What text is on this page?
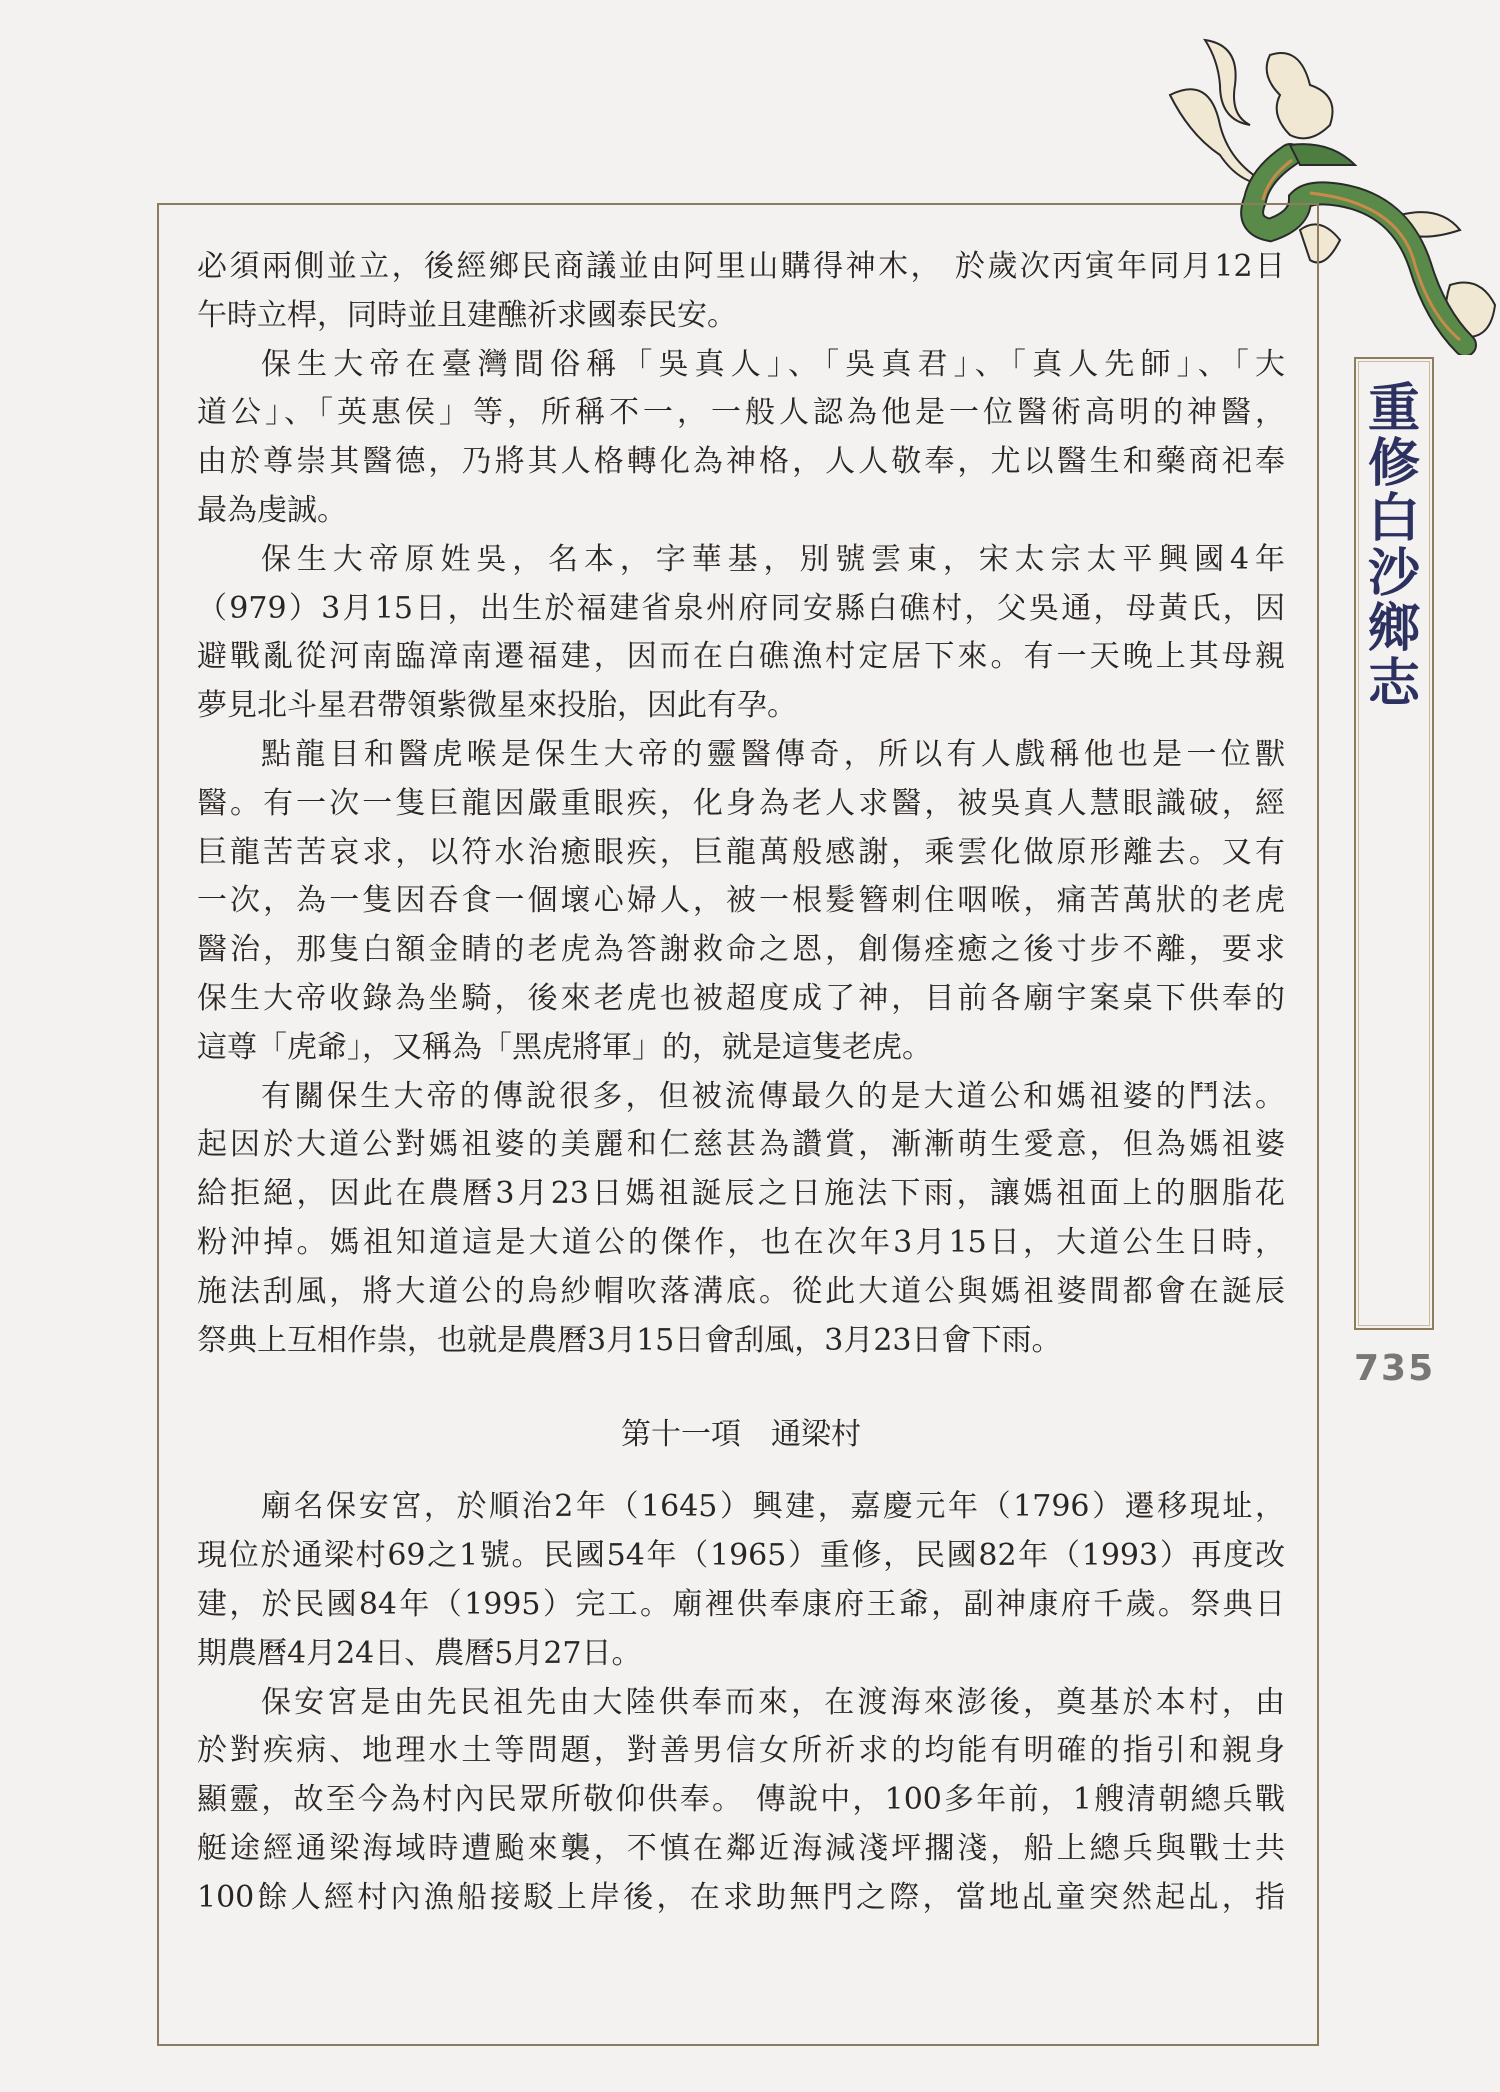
必須兩側並立，後經鄉民商議並由阿里山購得神木， 於歲次丙寅年同月12日
午時立桿，同時並且建醮祈求國泰民安。
保生大帝在臺灣間俗稱「吳真人」、「吳真君」、「真人先師」、「大
道公」、「英惠侯」等，所稱不一，一般人認為他是一位醫術高明的神醫，
由於尊崇其醫德，乃將其人格轉化為神格，人人敬奉，尤以醫生和藥商祀奉
最為虔誠。
保生大帝原姓吳，名本，字華基，別號雲東，宋太宗太平興國4年
（979）3月15日，出生於福建省泉州府同安縣白礁村，父吳通，母黃氏，因
避戰亂從河南臨漳南遷福建，因而在白礁漁村定居下來。有一天晚上其母親
夢見北斗星君帶領紫微星來投胎，因此有孕。
點龍目和醫虎喉是保生大帝的靈醫傳奇，所以有人戲稱他也是一位獸
醫。有一次一隻巨龍因嚴重眼疾，化身為老人求醫，被吳真人慧眼識破，經
巨龍苦苦哀求，以符水治癒眼疾，巨龍萬般感謝，乘雲化做原形離去。又有
一次，為一隻因吞食一個壞心婦人，被一根髮簪刺住咽喉，痛苦萬狀的老虎
醫治，那隻白額金睛的老虎為答謝救命之恩，創傷痊癒之後寸步不離，要求
保生大帝收錄為坐騎，後來老虎也被超度成了神，目前各廟宇案桌下供奉的
這尊「虎爺」，又稱為「黑虎將軍」的，就是這隻老虎。
有關保生大帝的傳說很多，但被流傳最久的是大道公和媽祖婆的鬥法。
起因於大道公對媽祖婆的美麗和仁慈甚為讚賞，漸漸萌生愛意，但為媽祖婆
給拒絕，因此在農曆3月23日媽祖誕辰之日施法下雨，讓媽祖面上的胭脂花
粉沖掉。媽祖知道這是大道公的傑作，也在次年3月15日，大道公生日時，
施法刮風，將大道公的烏紗帽吹落溝底。從此大道公與媽祖婆間都會在誕辰
祭典上互相作祟，也就是農曆3月15日會刮風，3月23日會下雨。
第十一項　通梁村
廟名保安宮，於順治2年（1645）興建，嘉慶元年（1796）遷移現址，
現位於通梁村69之1號。民國54年（1965）重修，民國82年（1993）再度改
建，於民國84年（1995）完工。廟裡供奉康府王爺，副神康府千歲。祭典日
期農曆4月24日、農曆5月27日。
保安宮是由先民祖先由大陸供奉而來，在渡海來澎後，奠基於本村，由
於對疾病、地理水土等問題，對善男信女所祈求的均能有明確的指引和親身
顯靈，故至今為村內民眾所敬仰供奉。 傳說中，100多年前，1艘清朝總兵戰
艇途經通梁海域時遭颱來襲，不慎在鄰近海減淺坪擱淺，船上總兵與戰士共
100餘人經村內漁船接駁上岸後，在求助無門之際，當地乩童突然起乩，指
重
修
白
沙
鄉
志
735
